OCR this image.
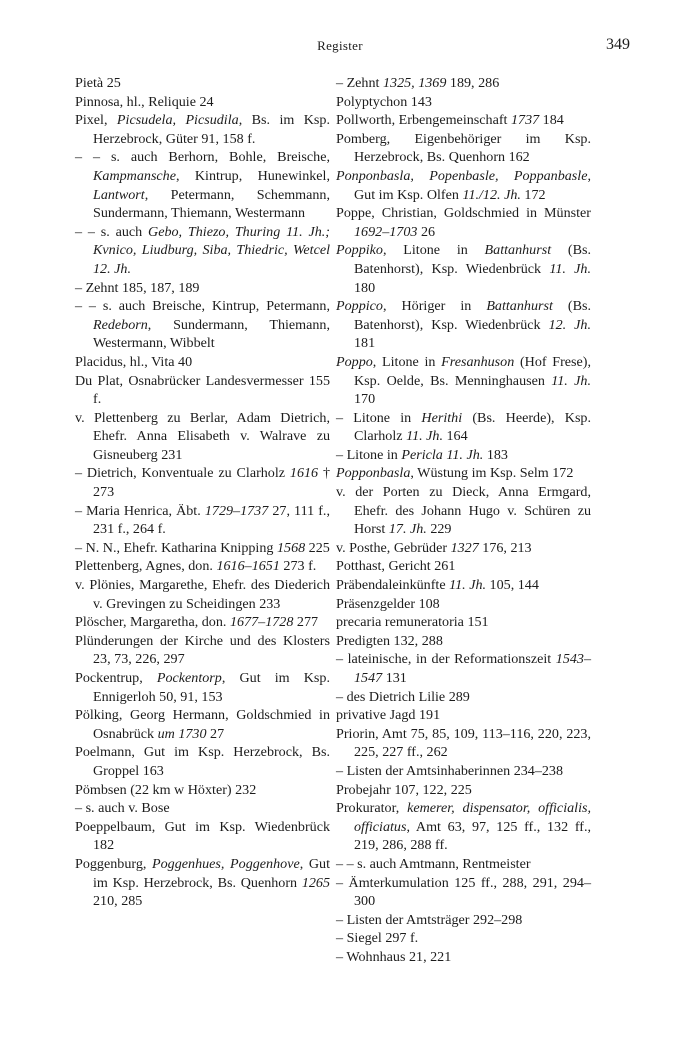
Register	349

Pietà 25

Pinnosa, hl., Reliquie 24

Pixel, Picsudela, Picsudila, Bs. im Ksp. Herzebrock, Güter 91, 158 f.

– – s. auch Berhorn, Bohle, Breische, Kampmansche, Kintrup, Hunewinkel, Lantwort, Petermann, Schemmann, Sundermann, Thiemann, Westermann

– – s. auch Gebo, Thiezo, Thuring 11. Jh.; Kvnico, Liudburg, Siba, Thiedric, Wetcel 12. Jh.

– Zehnt 185, 187, 189

– – s. auch Breische, Kintrup, Petermann, Redeborn, Sundermann, Thiemann, Westermann, Wibbelt

Placidus, hl., Vita 40

Du Plat, Osnabrücker Landesvermesser 155 f.

v. Plettenberg zu Berlar, Adam Dietrich, Ehefr. Anna Elisabeth v. Walrave zu Gisneuberg 231

– Dietrich, Konventuale zu Clarholz 1616 † 273

– Maria Henrica, Äbt. 1729–1737 27, 111 f., 231 f., 264 f.

– N. N., Ehefr. Katharina Knipping 1568 225

Plettenberg, Agnes, don. 1616–1651 273 f.

v. Plönies, Margarethe, Ehefr. des Diederich v. Grevingen zu Scheidingen 233

Plöscher, Margaretha, don. 1677–1728 277

Plünderungen der Kirche und des Klosters 23, 73, 226, 297

Pockentrup, Pockentorp, Gut im Ksp. Ennigerloh 50, 91, 153

Pölking, Georg Hermann, Goldschmied in Osnabrück um 1730 27

Poelmann, Gut im Ksp. Herzebrock, Bs. Groppel 163

Pömbsen (22 km w Höxter) 232

– s. auch v. Bose

Poeppelbaum, Gut im Ksp. Wiedenbrück 182

Poggenburg, Poggenhues, Poggenhove, Gut im Ksp. Herzebrock, Bs. Quenhorn 1265 210, 285

– Zehnt 1325, 1369 189, 286

Polyptychon 143

Pollworth, Erbengemeinschaft 1737 184

Pomberg, Eigenbehöriger im Ksp. Herzebrock, Bs. Quenhorn 162

Ponponbasla, Popenbasle, Poppanbasle, Gut im Ksp. Olfen 11./12. Jh. 172

Poppe, Christian, Goldschmied in Münster 1692–1703 26

Poppiko, Litone in Battanhurst (Bs. Batenhorst), Ksp. Wiedenbrück 11. Jh. 180

Poppico, Höriger in Battanhurst (Bs. Batenhorst), Ksp. Wiedenbrück 12. Jh. 181

Poppo, Litone in Fresanhuson (Hof Frese), Ksp. Oelde, Bs. Menninghausen 11. Jh. 170

– Litone in Herithi (Bs. Heerde), Ksp. Clarholz 11. Jh. 164

– Litone in Pericla 11. Jh. 183

Popponbasla, Wüstung im Ksp. Selm 172

v. der Porten zu Dieck, Anna Ermgard, Ehefr. des Johann Hugo v. Schüren zu Horst 17. Jh. 229

v. Posthe, Gebrüder 1327 176, 213

Potthast, Gericht 261

Präbendaleinkünfte 11. Jh. 105, 144

Präsenzgelder 108

precaria remuneratoria 151

Predigten 132, 288

– lateinische, in der Reformationszeit 1543–1547 131

– des Dietrich Lilie 289

privative Jagd 191

Priorin, Amt 75, 85, 109, 113–116, 220, 223, 225, 227 ff., 262

– Listen der Amtsinhaberinnen 234–238

Probejahr 107, 122, 225

Prokurator, kemerer, dispensator, officialis, officiatus, Amt 63, 97, 125 ff., 132 ff., 219, 286, 288 ff.

– – s. auch Amtmann, Rentmeister

– Ämterkumulation 125 ff., 288, 291, 294–300

– Listen der Amtsträger 292–298

– Siegel 297 f.

– Wohnhaus 21, 221
